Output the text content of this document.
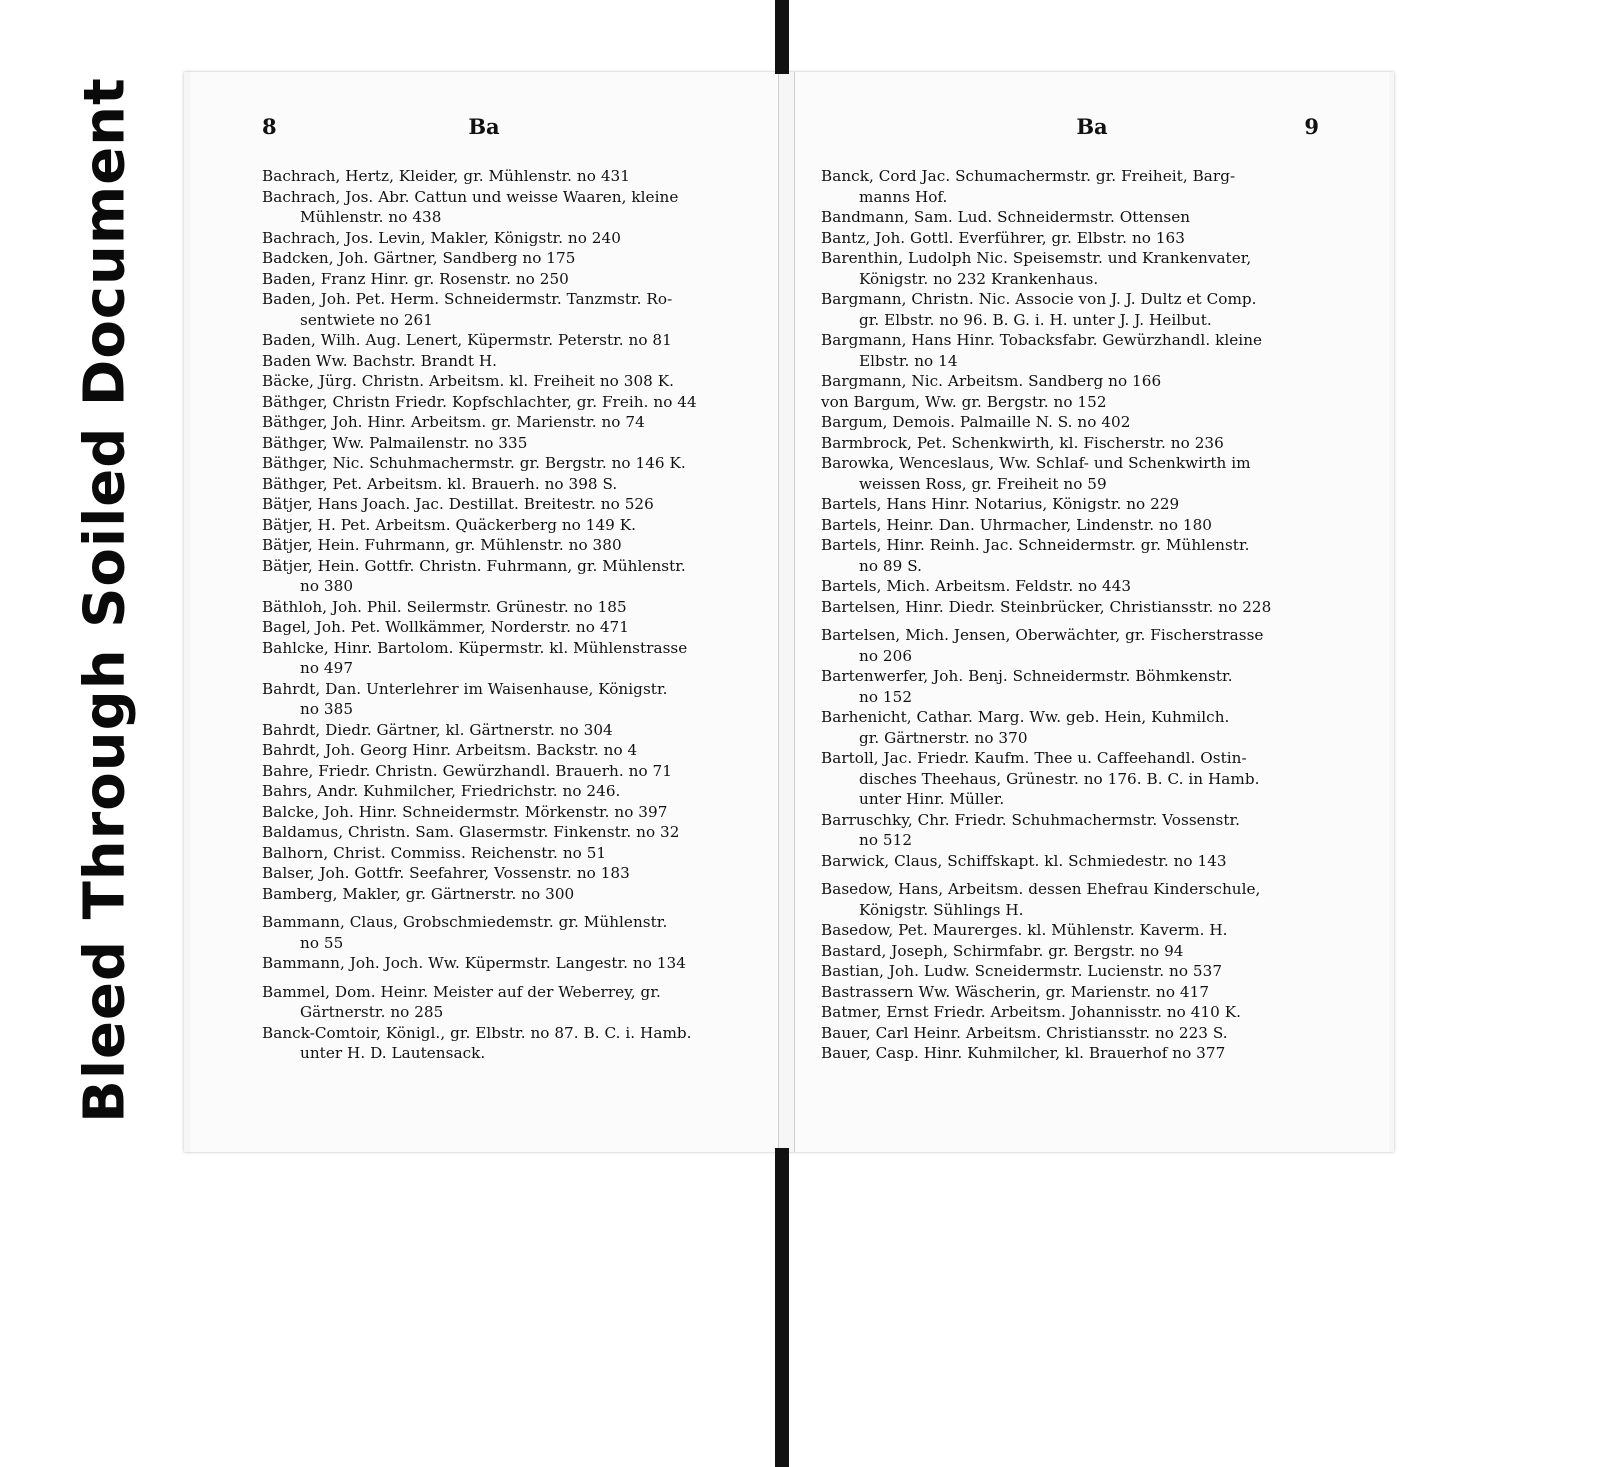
Bleed Through Soiled Document	8	Ba
Bachrach, Hertz, Kleider, gr. Mühlenstr. no 431
Bachrach, Jos. Abr. Cattun und weisse Waaren, kleine
Mühlenstr. no 438
Bachrach, Jos. Levin, Makler, Königstr. no 240
Badcken, Joh. Gärtner, Sandberg no 175
Baden, Franz Hinr. gr. Rosenstr. no 250
Baden, Joh. Pet. Herm. Schneidermstr. Tanzmstr. Ro-
sentwiete no 261
Baden, Wilh. Aug. Lenert, Küpermstr. Peterstr. no 81
Baden Ww. Bachstr. Brandt H.
Bäcke, Jürg. Christn. Arbeitsm. kl. Freiheit no 308 K.
Bäthger, Christn Friedr. Kopfschlachter, gr. Freih. no 44
Bäthger, Joh. Hinr. Arbeitsm. gr. Marienstr. no 74
Bäthger, Ww. Palmailenstr. no 335
Bäthger, Nic. Schuhmachermstr. gr. Bergstr. no 146 K.
Bäthger, Pet. Arbeitsm. kl. Brauerh. no 398 S.
Bätjer, Hans Joach. Jac. Destillat. Breitestr. no 526
Bätjer, H. Pet. Arbeitsm. Quäckerberg no 149 K.
Bätjer, Hein. Fuhrmann, gr. Mühlenstr. no 380
Bätjer, Hein. Gottfr. Christn. Fuhrmann, gr. Mühlenstr.
no 380
Bäthloh, Joh. Phil. Seilermstr. Grünestr. no 185
Bagel, Joh. Pet. Wollkämmer, Norderstr. no 471
Bahlcke, Hinr. Bartolom. Küpermstr. kl. Mühlenstrasse
no 497
Bahrdt, Dan. Unterlehrer im Waisenhause, Königstr.
no 385
Bahrdt, Diedr. Gärtner, kl. Gärtnerstr. no 304
Bahrdt, Joh. Georg Hinr. Arbeitsm. Backstr. no 4
Bahre, Friedr. Christn. Gewürzhandl. Brauerh. no 71
Bahrs, Andr. Kuhmilcher, Friedrichstr. no 246.
Balcke, Joh. Hinr. Schneidermstr. Mörkenstr. no 397
Baldamus, Christn. Sam. Glasermstr. Finkenstr. no 32
Balhorn, Christ. Commiss. Reichenstr. no 51
Balser, Joh. Gottfr. Seefahrer, Vossenstr. no 183
Bamberg, Makler, gr. Gärtnerstr. no 300
Bammann, Claus, Grobschmiedemstr. gr. Mühlenstr.
no 55
Bammann, Joh. Joch. Ww. Küpermstr. Langestr. no 134
Bammel, Dom. Heinr. Meister auf der Weberrey, gr.
Gärtnerstr. no 285
Banck-Comtoir, Königl., gr. Elbstr. no 87. B. C. i. Hamb.
unter H. D. Lautensack.
Ba	9
Banck, Cord Jac. Schumachermstr. gr. Freiheit, Barg-
manns Hof.
Bandmann, Sam. Lud. Schneidermstr. Ottensen
Bantz, Joh. Gottl. Everführer, gr. Elbstr. no 163
Barenthin, Ludolph Nic. Speisemstr. und Krankenvater,
Königstr. no 232 Krankenhaus.
Bargmann, Christn. Nic. Associe von J. J. Dultz et Comp.
gr. Elbstr. no 96. B. G. i. H. unter J. J. Heilbut.
Bargmann, Hans Hinr. Tobacksfabr. Gewürzhandl. kleine
Elbstr. no 14
Bargmann, Nic. Arbeitsm. Sandberg no 166
von Bargum, Ww. gr. Bergstr. no 152
Bargum, Demois. Palmaille N. S. no 402
Barmbrock, Pet. Schenkwirth, kl. Fischerstr. no 236
Barowka, Wenceslaus, Ww. Schlaf- und Schenkwirth im
weissen Ross, gr. Freiheit no 59
Bartels, Hans Hinr. Notarius, Königstr. no 229
Bartels, Heinr. Dan. Uhrmacher, Lindenstr. no 180
Bartels, Hinr. Reinh. Jac. Schneidermstr. gr. Mühlenstr.
no 89 S.
Bartels, Mich. Arbeitsm. Feldstr. no 443
Bartelsen, Hinr. Diedr. Steinbrücker, Christiansstr. no 228
Bartelsen, Mich. Jensen, Oberwächter, gr. Fischerstrasse
no 206
Bartenwerfer, Joh. Benj. Schneidermstr. Böhmkenstr.
no 152
Barhenicht, Cathar. Marg. Ww. geb. Hein, Kuhmilch.
gr. Gärtnerstr. no 370
Bartoll, Jac. Friedr. Kaufm. Thee u. Caffeehandl. Ostin-
disches Theehaus, Grünestr. no 176. B. C. in Hamb.
unter Hinr. Müller.
Barruschky, Chr. Friedr. Schuhmachermstr. Vossenstr.
no 512
Barwick, Claus, Schiffskapt. kl. Schmiedestr. no 143
Basedow, Hans, Arbeitsm. dessen Ehefrau Kinderschule,
Königstr. Sühlings H.
Basedow, Pet. Maurerges. kl. Mühlenstr. Kaverm. H.
Bastard, Joseph, Schirmfabr. gr. Bergstr. no 94
Bastian, Joh. Ludw. Scneidermstr. Lucienstr. no 537
Bastrassern Ww. Wäscherin, gr. Marienstr. no 417
Batmer, Ernst Friedr. Arbeitsm. Johannisstr. no 410 K.
Bauer, Carl Heinr. Arbeitsm. Christiansstr. no 223 S.
Bauer, Casp. Hinr. Kuhmilcher, kl. Brauerhof no 377
